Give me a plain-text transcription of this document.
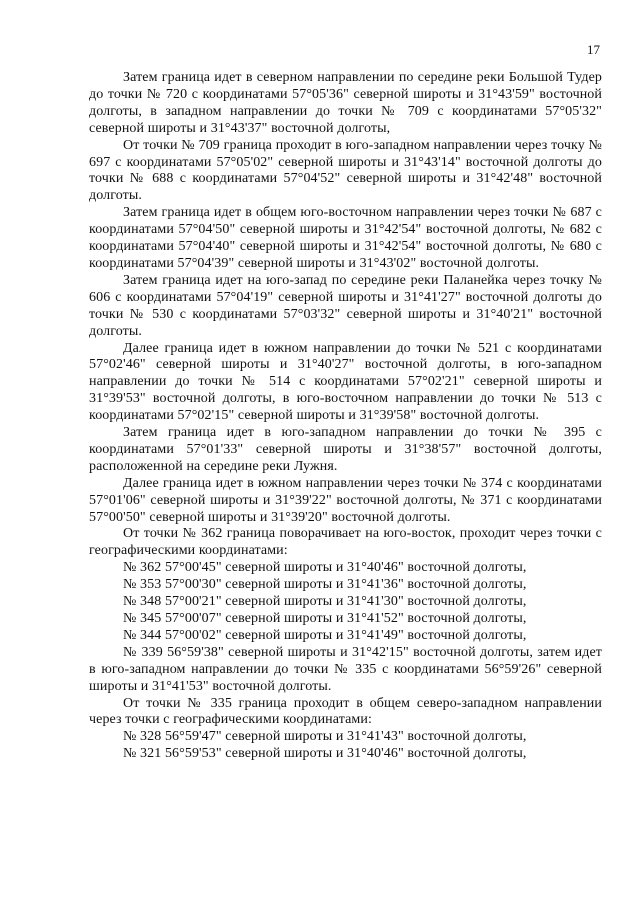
17

Затем граница идет в северном направлении по середине реки Большой Тудер до точки № 720 с координатами 57°05'36" северной широты и 31°43'59" восточной долготы, в западном направлении до точки № 709 с координатами 57°05'32" северной широты и 31°43'37" восточной долготы,

От точки № 709 граница проходит в юго-западном направлении через точку № 697 с координатами 57°05'02" северной широты и 31°43'14" восточной долготы до точки № 688 с координатами 57°04'52" северной широты и 31°42'48" восточной долготы.

Затем граница идет в общем юго-восточном направлении через точки № 687 с координатами 57°04'50" северной широты и 31°42'54" восточной долготы, № 682 с координатами 57°04'40" северной широты и 31°42'54" восточной долготы, № 680 с координатами 57°04'39" северной широты и 31°43'02" восточной долготы.

Затем граница идет на юго-запад по середине реки Паланейка через точку № 606 с координатами 57°04'19" северной широты и 31°41'27" восточной долготы до точки № 530 с координатами 57°03'32" северной широты и 31°40'21" восточной долготы.

Далее граница идет в южном направлении до точки № 521 с координатами 57°02'46" северной широты и 31°40'27" восточной долготы, в юго-западном направлении до точки № 514 с координатами 57°02'21" северной широты и 31°39'53" восточной долготы, в юго-восточном направлении до точки № 513 с координатами 57°02'15" северной широты и 31°39'58" восточной долготы.

Затем граница идет в юго-западном направлении до точки № 395 с координатами 57°01'33" северной широты и 31°38'57" восточной долготы, расположенной на середине реки Лужня.

Далее граница идет в южном направлении через точки № 374 с координатами 57°01'06" северной широты и 31°39'22" восточной долготы, № 371 с координатами 57°00'50" северной широты и 31°39'20" восточной долготы.

От точки № 362 граница поворачивает на юго-восток, проходит через точки с географическими координатами:

№ 362 57°00'45" северной широты и 31°40'46" восточной долготы,
№ 353 57°00'30" северной широты и 31°41'36" восточной долготы,
№ 348 57°00'21" северной широты и 31°41'30" восточной долготы,
№ 345 57°00'07" северной широты и 31°41'52" восточной долготы,
№ 344 57°00'02" северной широты и 31°41'49" восточной долготы,

№ 339 56°59'38" северной широты и 31°42'15" восточной долготы, затем идет в юго-западном направлении до точки № 335 с координатами 56°59'26" северной широты и 31°41'53" восточной долготы.

От точки № 335 граница проходит в общем северо-западном направлении через точки с географическими координатами:

№ 328 56°59'47" северной широты и 31°41'43" восточной долготы,
№ 321 56°59'53" северной широты и 31°40'46" восточной долготы,
